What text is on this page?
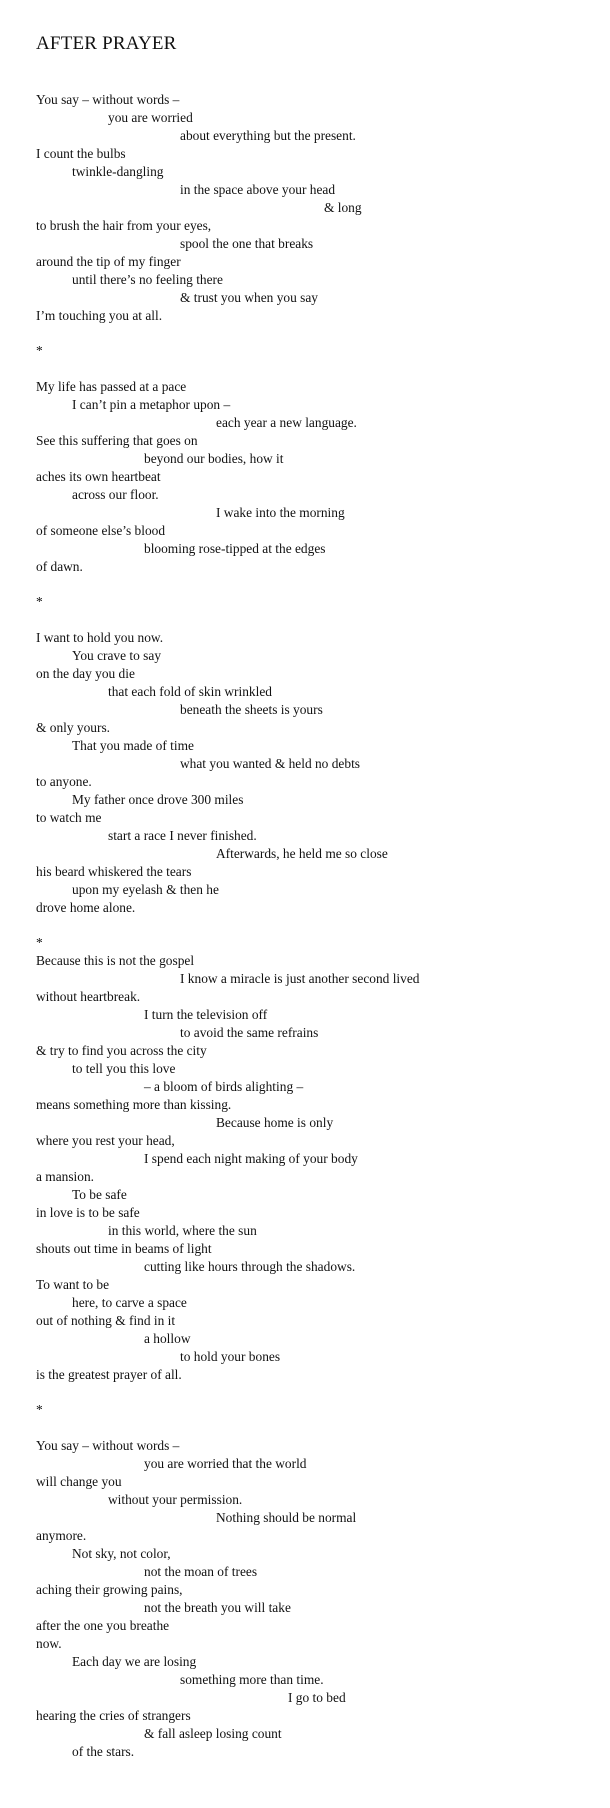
AFTER PRAYER
You say – without words –
you are worried
about everything but the present.
I count the bulbs
twinkle-dangling
in the space above your head
& long
to brush the hair from your eyes,
spool the one that breaks
around the tip of my finger
until there’s no feeling there
& trust you when you say
I’m touching you at all.
*
My life has passed at a pace
I can’t pin a metaphor upon –
each year a new language.
See this suffering that goes on
beyond our bodies, how it
aches its own heartbeat
across our floor.
I wake into the morning
of someone else’s blood
blooming rose-tipped at the edges
of dawn.
*
I want to hold you now.
You crave to say
on the day you die
that each fold of skin wrinkled
beneath the sheets is yours
& only yours.
That you made of time
what you wanted & held no debts
to anyone.
My father once drove 300 miles
to watch me
start a race I never finished.
Afterwards, he held me so close
his beard whiskered the tears
upon my eyelash & then he
drove home alone.
*
Because this is not the gospel
I know a miracle is just another second lived
without heartbreak.
I turn the television off
to avoid the same refrains
& try to find you across the city
to tell you this love
– a bloom of birds alighting –
means something more than kissing.
Because home is only
where you rest your head,
I spend each night making of your body
a mansion.
To be safe
in love is to be safe
in this world, where the sun
shouts out time in beams of light
cutting like hours through the shadows.
To want to be
here, to carve a space
out of nothing & find in it
a hollow
to hold your bones
is the greatest prayer of all.
*
You say – without words –
you are worried that the world
will change you
without your permission.
Nothing should be normal
anymore.
Not sky, not color,
not the moan of trees
aching their growing pains,
not the breath you will take
after the one you breathe
now.
Each day we are losing
something more than time.
I go to bed
hearing the cries of strangers
& fall asleep losing count
of the stars.
